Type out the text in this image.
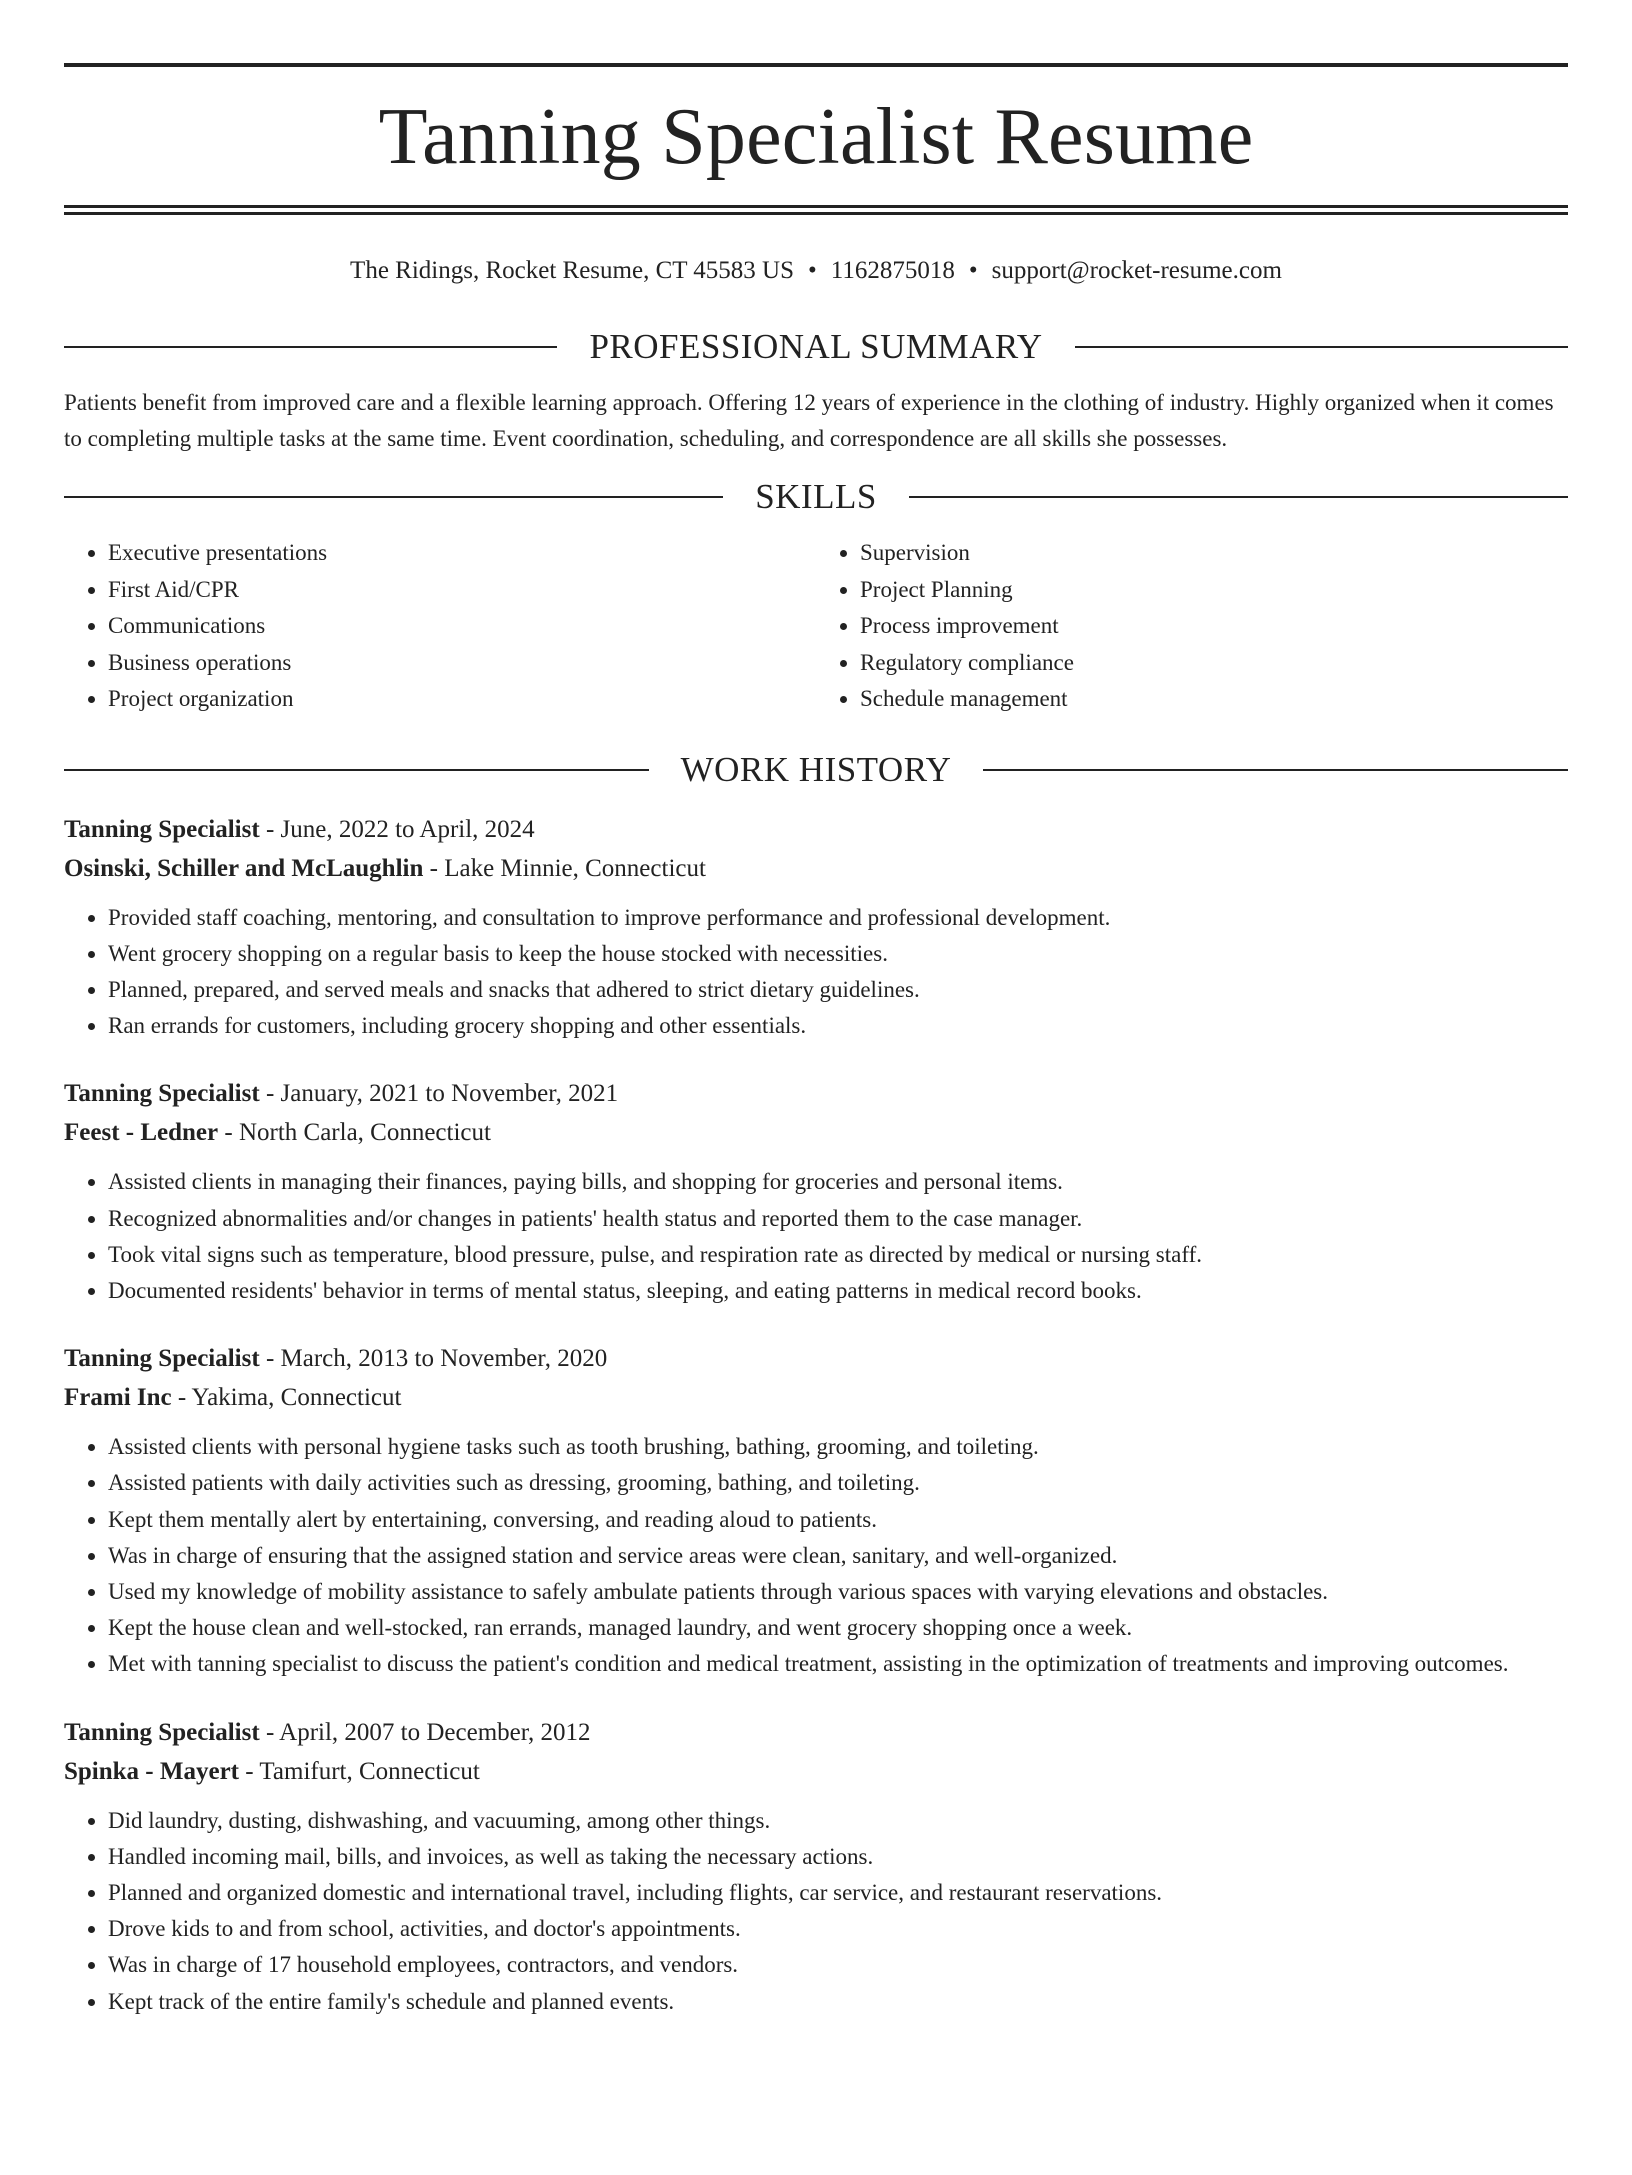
Tanning Specialist Resume
The Ridings, Rocket Resume, CT 45583 US • 1162875018 • support@rocket-resume.com
PROFESSIONAL SUMMARY
Patients benefit from improved care and a flexible learning approach. Offering 12 years of experience in the clothing of industry. Highly organized when it comes to completing multiple tasks at the same time. Event coordination, scheduling, and correspondence are all skills she possesses.
SKILLS
• Executive presentations
• First Aid/CPR
• Communications
• Business operations
• Project organization
• Supervision
• Project Planning
• Process improvement
• Regulatory compliance
• Schedule management
WORK HISTORY
Tanning Specialist - June, 2022 to April, 2024
Osinski, Schiller and McLaughlin - Lake Minnie, Connecticut
• Provided staff coaching, mentoring, and consultation to improve performance and professional development.
• Went grocery shopping on a regular basis to keep the house stocked with necessities.
• Planned, prepared, and served meals and snacks that adhered to strict dietary guidelines.
• Ran errands for customers, including grocery shopping and other essentials.
Tanning Specialist - January, 2021 to November, 2021
Feest - Ledner - North Carla, Connecticut
• Assisted clients in managing their finances, paying bills, and shopping for groceries and personal items.
• Recognized abnormalities and/or changes in patients' health status and reported them to the case manager.
• Took vital signs such as temperature, blood pressure, pulse, and respiration rate as directed by medical or nursing staff.
• Documented residents' behavior in terms of mental status, sleeping, and eating patterns in medical record books.
Tanning Specialist - March, 2013 to November, 2020
Frami Inc - Yakima, Connecticut
• Assisted clients with personal hygiene tasks such as tooth brushing, bathing, grooming, and toileting.
• Assisted patients with daily activities such as dressing, grooming, bathing, and toileting.
• Kept them mentally alert by entertaining, conversing, and reading aloud to patients.
• Was in charge of ensuring that the assigned station and service areas were clean, sanitary, and well-organized.
• Used my knowledge of mobility assistance to safely ambulate patients through various spaces with varying elevations and obstacles.
• Kept the house clean and well-stocked, ran errands, managed laundry, and went grocery shopping once a week.
• Met with tanning specialist to discuss the patient's condition and medical treatment, assisting in the optimization of treatments and improving outcomes.
Tanning Specialist - April, 2007 to December, 2012
Spinka - Mayert - Tamifurt, Connecticut
• Did laundry, dusting, dishwashing, and vacuuming, among other things.
• Handled incoming mail, bills, and invoices, as well as taking the necessary actions.
• Planned and organized domestic and international travel, including flights, car service, and restaurant reservations.
• Drove kids to and from school, activities, and doctor's appointments.
• Was in charge of 17 household employees, contractors, and vendors.
• Kept track of the entire family's schedule and planned events.
